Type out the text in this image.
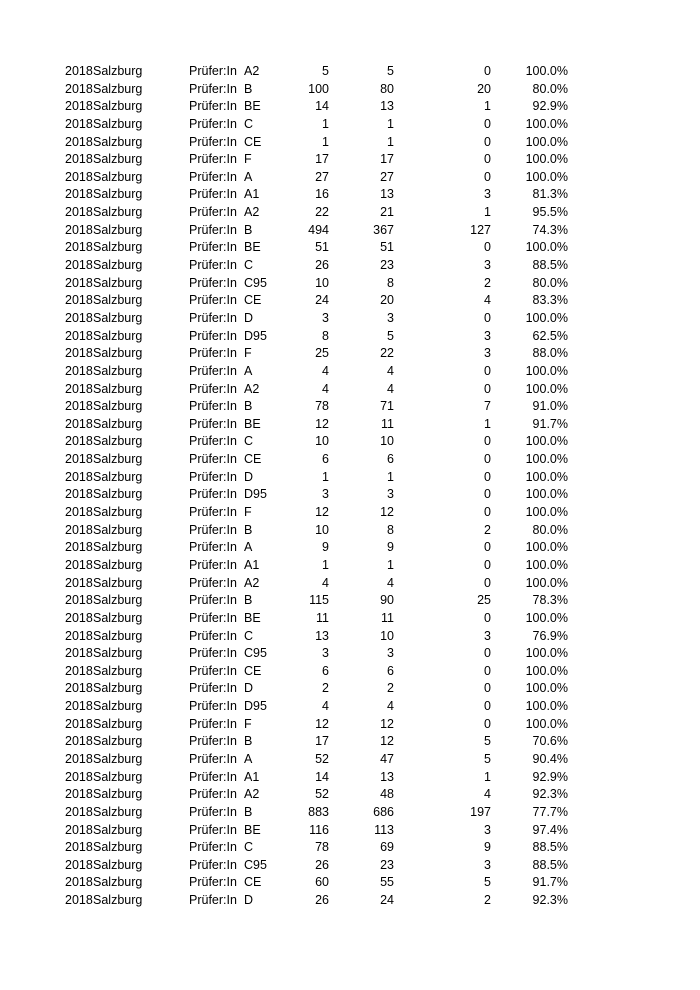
2018 Salzburg	Prüfer:In A2	5	5	0	100.0%
2018 Salzburg	Prüfer:In B	100	80	20	80.0%
2018 Salzburg	Prüfer:In BE	14	13	1	92.9%
2018 Salzburg	Prüfer:In C	1	1	0	100.0%
2018 Salzburg	Prüfer:In CE	1	1	0	100.0%
2018 Salzburg	Prüfer:In F	17	17	0	100.0%
2018 Salzburg	Prüfer:In A	27	27	0	100.0%
2018 Salzburg	Prüfer:In A1	16	13	3	81.3%
2018 Salzburg	Prüfer:In A2	22	21	1	95.5%
2018 Salzburg	Prüfer:In B	494	367	127	74.3%
2018 Salzburg	Prüfer:In BE	51	51	0	100.0%
2018 Salzburg	Prüfer:In C	26	23	3	88.5%
2018 Salzburg	Prüfer:In C95	10	8	2	80.0%
2018 Salzburg	Prüfer:In CE	24	20	4	83.3%
2018 Salzburg	Prüfer:In D	3	3	0	100.0%
2018 Salzburg	Prüfer:In D95	8	5	3	62.5%
2018 Salzburg	Prüfer:In F	25	22	3	88.0%
2018 Salzburg	Prüfer:In A	4	4	0	100.0%
2018 Salzburg	Prüfer:In A2	4	4	0	100.0%
2018 Salzburg	Prüfer:In B	78	71	7	91.0%
2018 Salzburg	Prüfer:In BE	12	11	1	91.7%
2018 Salzburg	Prüfer:In C	10	10	0	100.0%
2018 Salzburg	Prüfer:In CE	6	6	0	100.0%
2018 Salzburg	Prüfer:In D	1	1	0	100.0%
2018 Salzburg	Prüfer:In D95	3	3	0	100.0%
2018 Salzburg	Prüfer:In F	12	12	0	100.0%
2018 Salzburg	Prüfer:In B	10	8	2	80.0%
2018 Salzburg	Prüfer:In A	9	9	0	100.0%
2018 Salzburg	Prüfer:In A1	1	1	0	100.0%
2018 Salzburg	Prüfer:In A2	4	4	0	100.0%
2018 Salzburg	Prüfer:In B	115	90	25	78.3%
2018 Salzburg	Prüfer:In BE	11	11	0	100.0%
2018 Salzburg	Prüfer:In C	13	10	3	76.9%
2018 Salzburg	Prüfer:In C95	3	3	0	100.0%
2018 Salzburg	Prüfer:In CE	6	6	0	100.0%
2018 Salzburg	Prüfer:In D	2	2	0	100.0%
2018 Salzburg	Prüfer:In D95	4	4	0	100.0%
2018 Salzburg	Prüfer:In F	12	12	0	100.0%
2018 Salzburg	Prüfer:In B	17	12	5	70.6%
2018 Salzburg	Prüfer:In A	52	47	5	90.4%
2018 Salzburg	Prüfer:In A1	14	13	1	92.9%
2018 Salzburg	Prüfer:In A2	52	48	4	92.3%
2018 Salzburg	Prüfer:In B	883	686	197	77.7%
2018 Salzburg	Prüfer:In BE	116	113	3	97.4%
2018 Salzburg	Prüfer:In C	78	69	9	88.5%
2018 Salzburg	Prüfer:In C95	26	23	3	88.5%
2018 Salzburg	Prüfer:In CE	60	55	5	91.7%
2018 Salzburg	Prüfer:In D	26	24	2	92.3%
